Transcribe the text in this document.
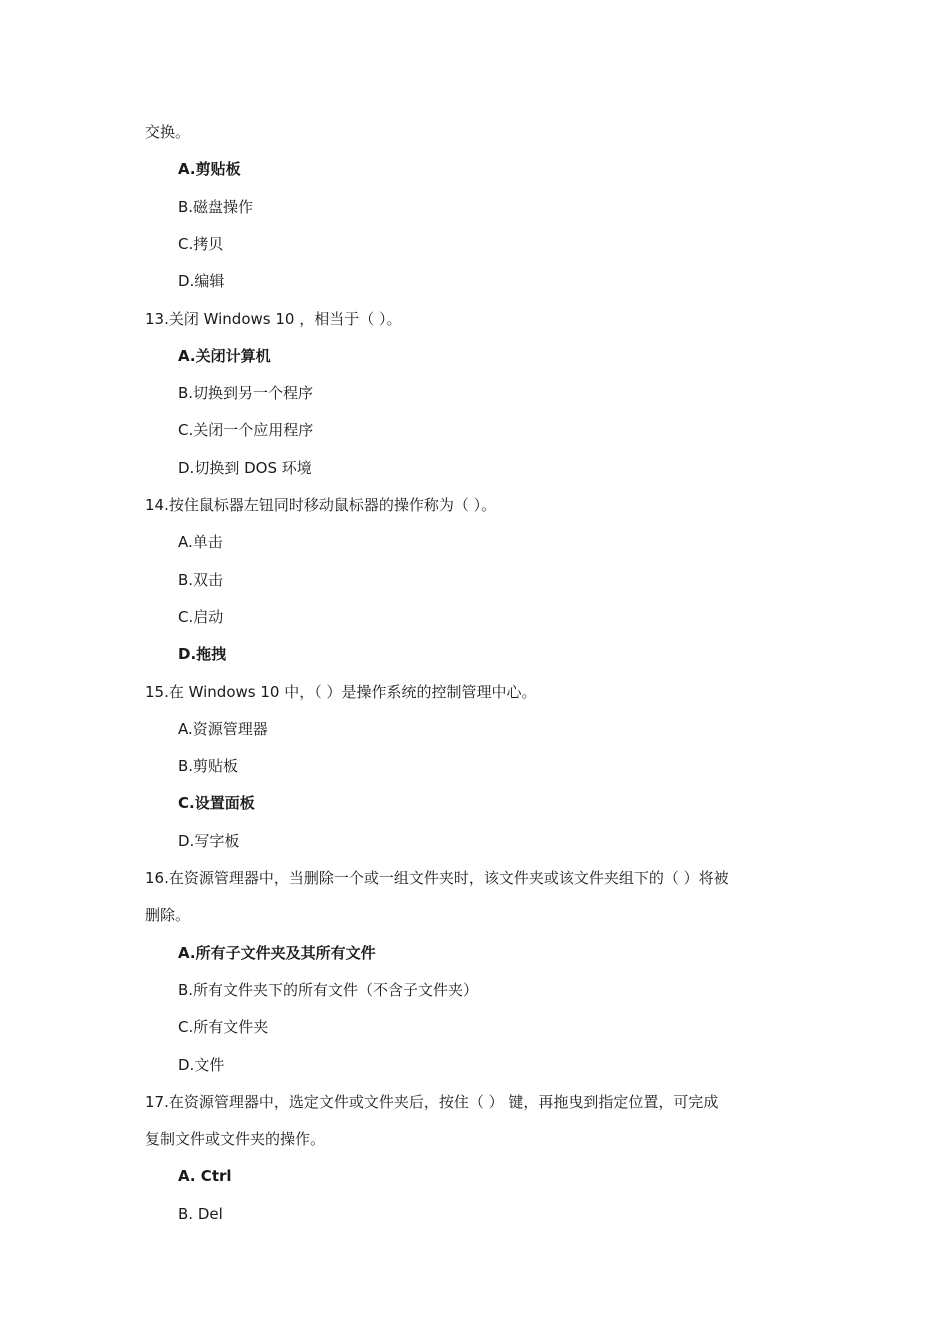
交换。
A.剪贴板
B.磁盘操作
C.拷贝
D.编辑
13.关闭 Windows 10 ，相当于（ ）。
A.关闭计算机
B.切换到另一个程序
C.关闭一个应用程序
D.切换到 DOS 环境
14.按住鼠标器左钮同时移动鼠标器的操作称为（ ）。
A.单击
B.双击
C.启动
D.拖拽
15.在 Windows 10 中，（ ）是操作系统的控制管理中心。
A.资源管理器
B.剪贴板
C.设置面板
D.写字板
16.在资源管理器中，当删除一个或一组文件夹时，该文件夹或该文件夹组下的（ ）将被
删除。
A.所有子文件夹及其所有文件
B.所有文件夹下的所有文件（不含子文件夹）
C.所有文件夹
D.文件
17.在资源管理器中，选定文件或文件夹后，按住（ ） 键，再拖曳到指定位置，可完成
复制文件或文件夹的操作。
A. Ctrl
B. Del
